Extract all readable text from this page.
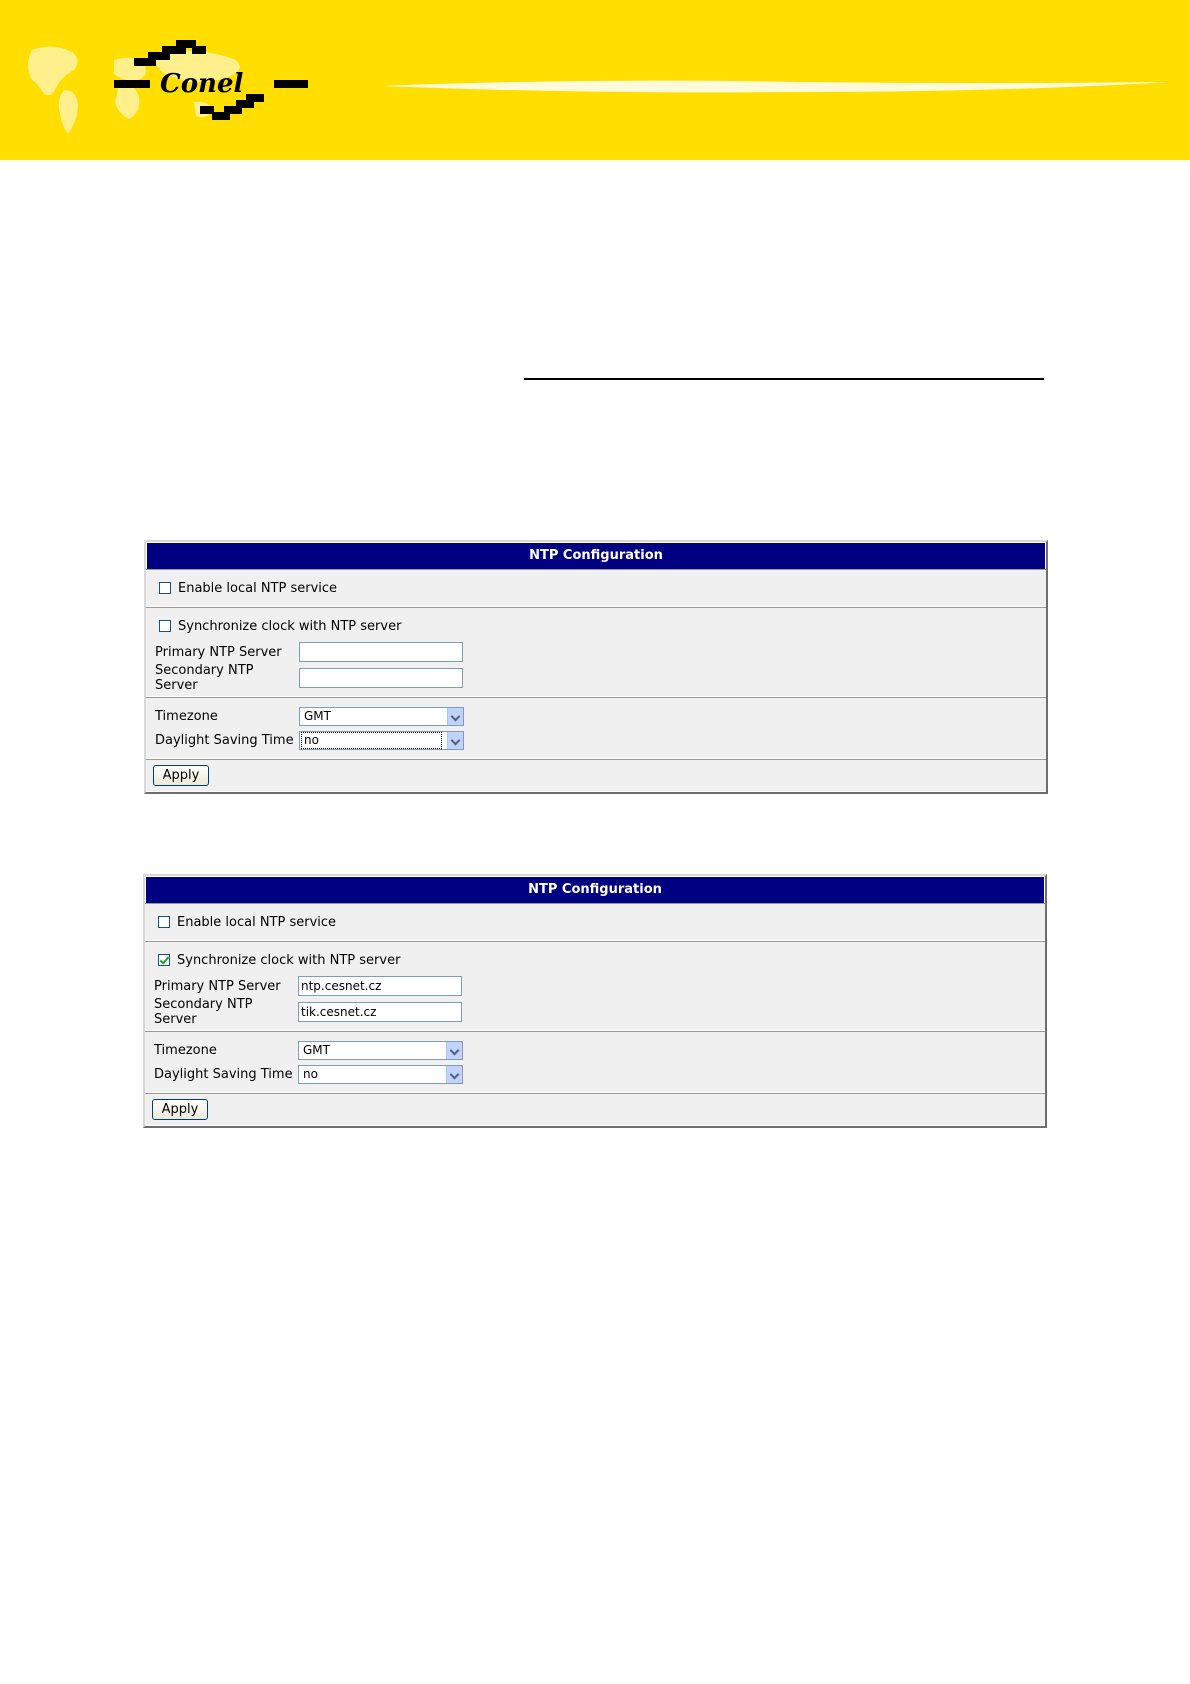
Conel
NTP Configuration
Enable local NTP service
Synchronize clock with NTP server
Primary NTP Server
Secondary NTP Server
Timezone	GMT
Daylight Saving Time no
Apply
NTP Configuration
Enable local NTP service
Synchronize clock with NTP server
Primary NTP Server	ntp.cesnet.cz
Secondary NTP Server	tik.cesnet.cz
Timezone	GMT
Daylight Saving Time no
Apply
